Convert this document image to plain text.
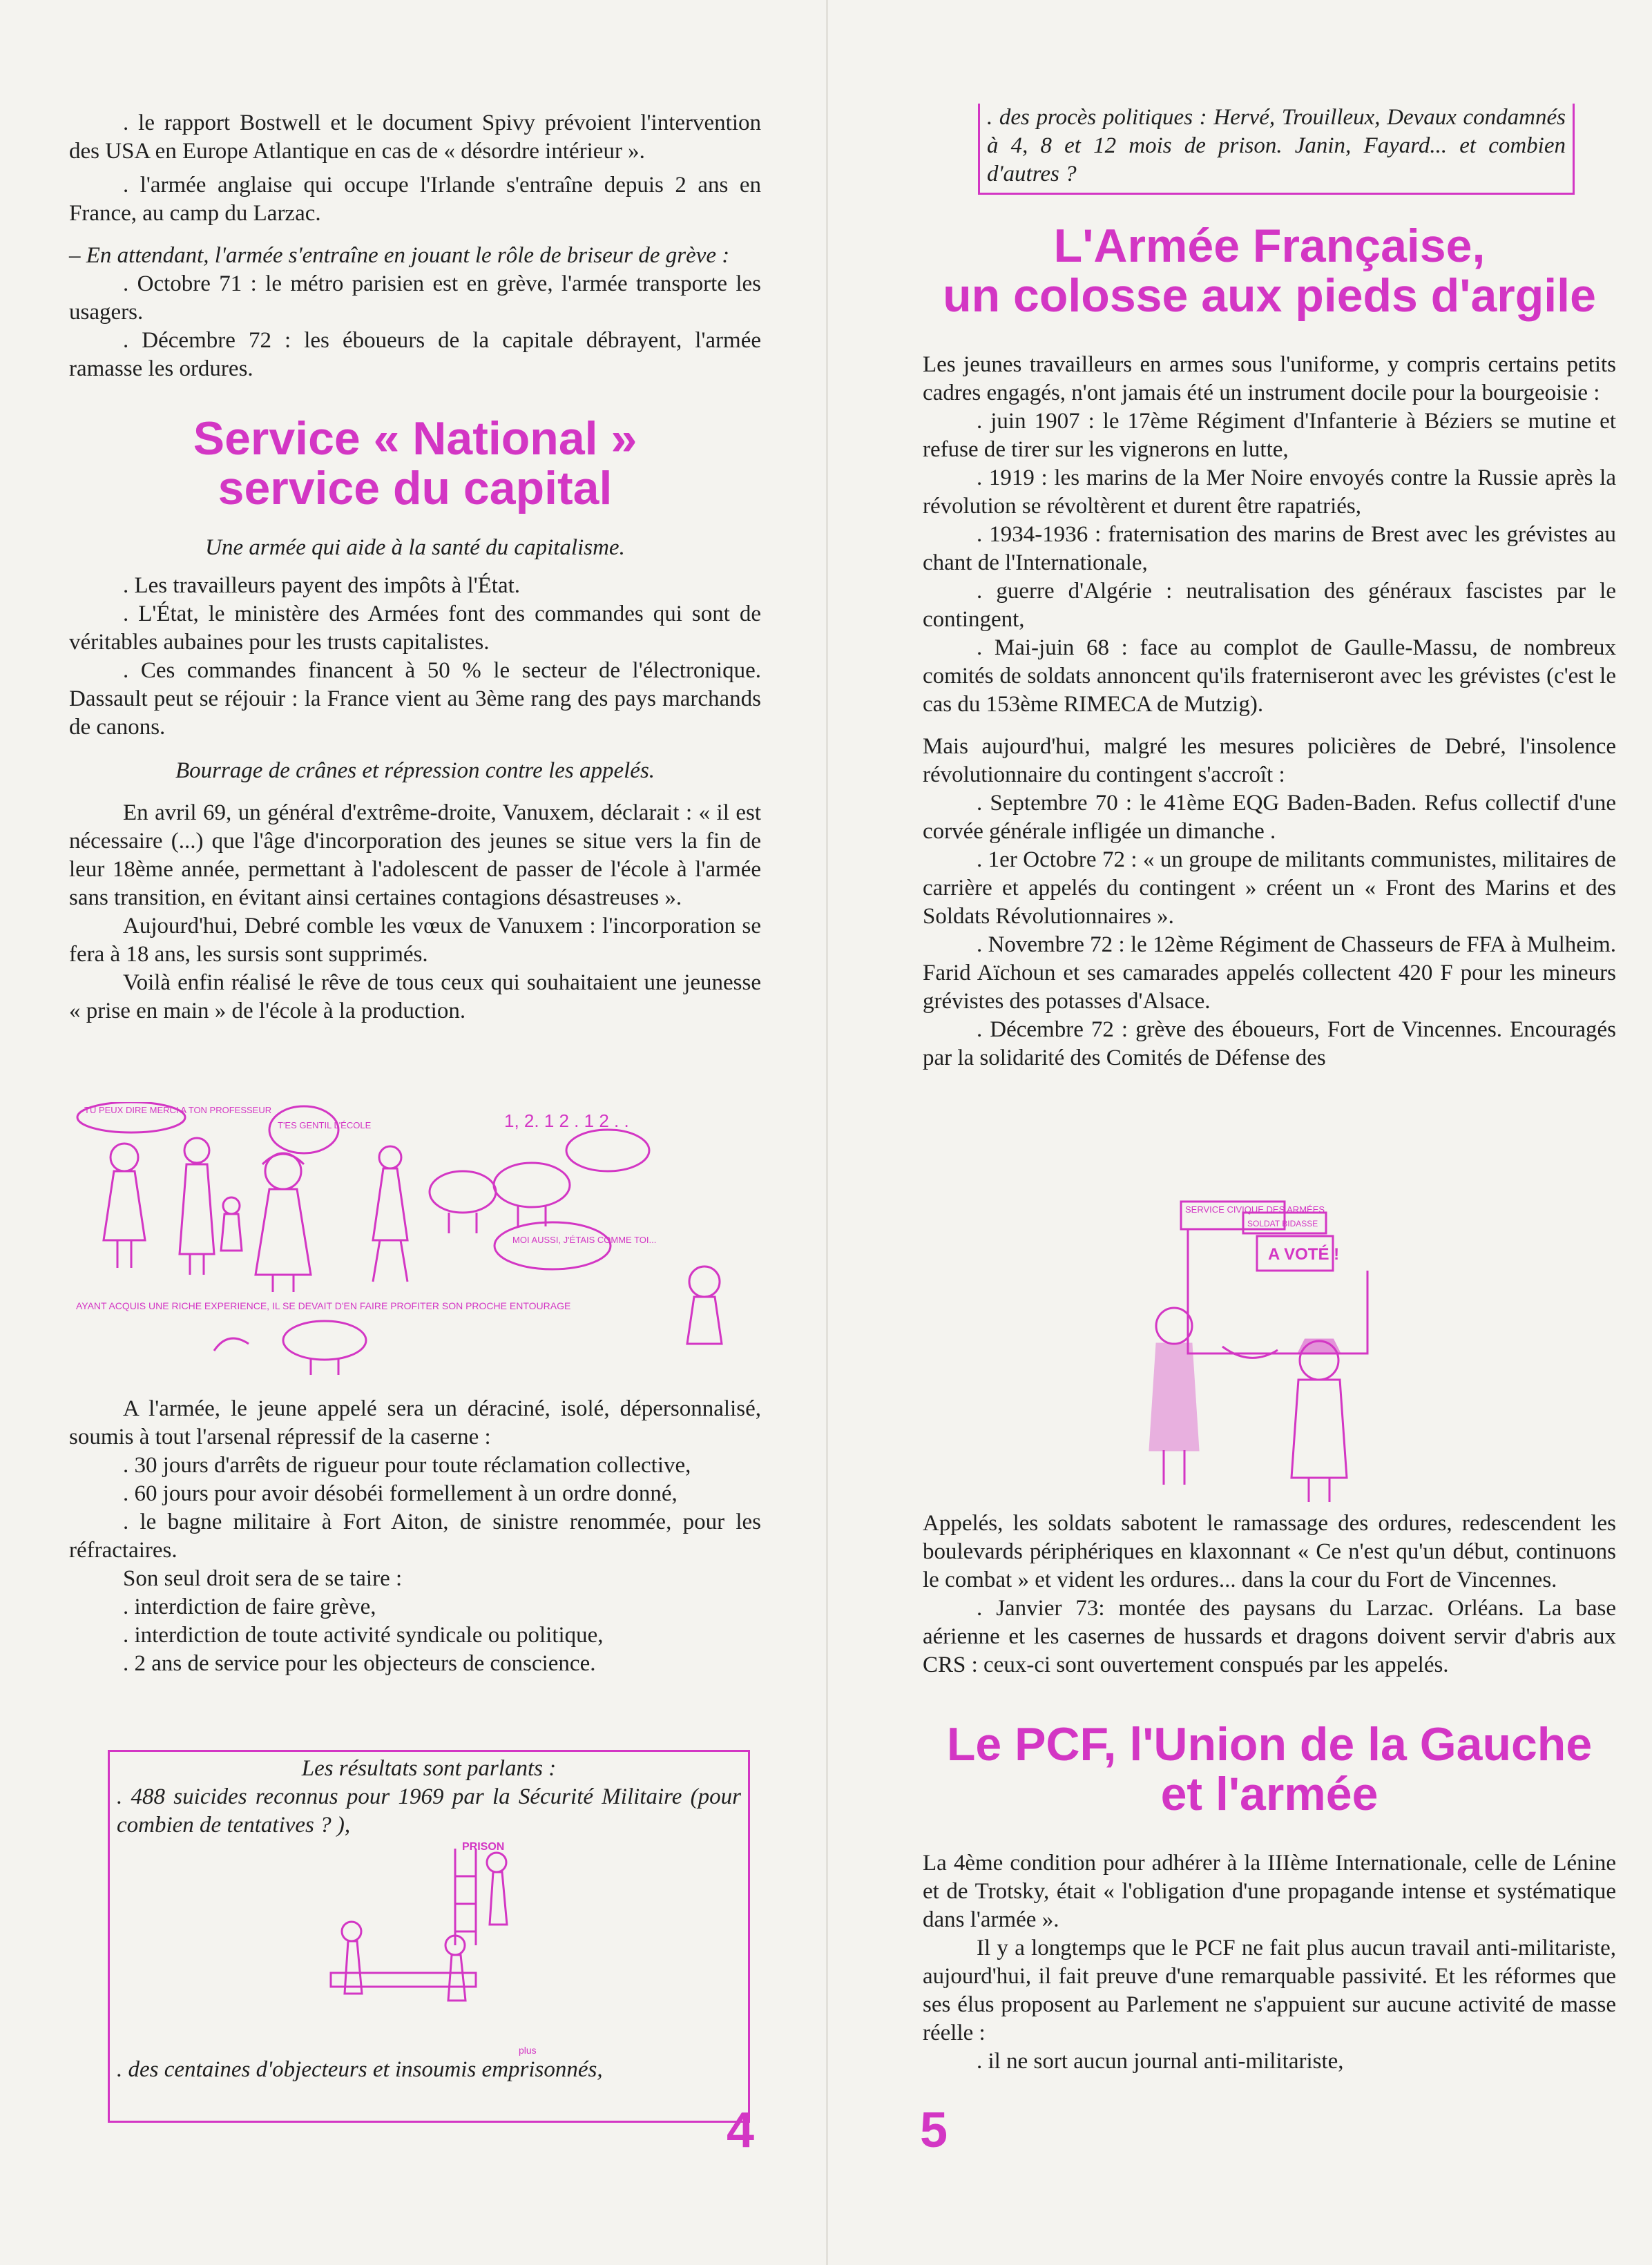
. le rapport Bostwell et le document Spivy prévoient l'intervention des USA en Europe Atlantique en cas de « désordre intérieur ».

. l'armée anglaise qui occupe l'Irlande s'entraîne depuis 2 ans en France, au camp du Larzac.

– En attendant, l'armée s'entraîne en jouant le rôle de briseur de grève :

. Octobre 71 : le métro parisien est en grève, l'armée transporte les usagers.

. Décembre 72 : les éboueurs de la capitale débrayent, l'armée ramasse les ordures.

Service « National »
service du capital

Une armée qui aide à la santé du capitalisme.

. Les travailleurs payent des impôts à l'État.

. L'État, le ministère des Armées font des commandes qui sont de véritables aubaines pour les trusts capitalistes.

. Ces commandes financent à 50 % le secteur de l'électronique. Dassault peut se réjouir : la France vient au 3ème rang des pays marchands de canons.

Bourrage de crânes et répression contre les appelés.

En avril 69, un général d'extrême-droite, Vanuxem, déclarait : « il est nécessaire (...) que l'âge d'incorporation des jeunes se situe vers la fin de leur 18ème année, permettant à l'adolescent de passer de l'école à l'armée sans transition, en évitant ainsi certaines contagions désastreuses ».

Aujourd'hui, Debré comble les vœux de Vanuxem : l'incorporation se fera à 18 ans, les sursis sont supprimés.

Voilà enfin réalisé le rêve de tous ceux qui souhaitaient une jeunesse « prise en main » de l'école à la production.

TU PEUX DIRE MERCI A TON PROFESSEUR
T'ES GENTIL L'ÉCOLE	1, 2. 1 2 . 1 2 . .
MOI AUSSI, J'ÉTAIS COMME TOI...
AYANT ACQUIS UNE RICHE EXPERIENCE, IL SE DEVAIT D'EN FAIRE PROFITER SON PROCHE ENTOURAGE

A l'armée, le jeune appelé sera un déraciné, isolé, dépersonnalisé, soumis à tout l'arsenal répressif de la caserne :

. 30 jours d'arrêts de rigueur pour toute réclamation collective,

. 60 jours pour avoir désobéi formellement à un ordre donné,

. le bagne militaire à Fort Aiton, de sinistre renommée, pour les réfractaires.

Son seul droit sera de se taire :

. interdiction de faire grève,

. interdiction de toute activité syndicale ou politique,

. 2 ans de service pour les objecteurs de conscience.

Les résultats sont parlants :

. 488 suicides reconnus pour 1969 par la Sécurité Militaire (pour combien de tentatives ? ),

PRISON

. des centaines d'objecteurs et insoumis emprisonnés,

plus
4

. des procès politiques : Hervé, Trouilleux, Devaux condamnés à 4, 8 et 12 mois de prison. Janin, Fayard... et combien d'autres ?

L'Armée Française,
un colosse aux pieds d'argile

Les jeunes travailleurs en armes sous l'uniforme, y compris certains petits cadres engagés, n'ont jamais été un instrument docile pour la bourgeoisie :

. juin 1907 : le 17ème Régiment d'Infanterie à Béziers se mutine et refuse de tirer sur les vignerons en lutte,

. 1919 : les marins de la Mer Noire envoyés contre la Russie après la révolution se révoltèrent et durent être rapatriés,

. 1934-1936 : fraternisation des marins de Brest avec les grévistes au chant de l'Internationale,

. guerre d'Algérie : neutralisation des généraux fascistes par le contingent,

. Mai-juin 68 : face au complot de Gaulle-Massu, de nombreux comités de soldats annoncent qu'ils fraterniseront avec les grévistes (c'est le cas du 153ème RIMECA de Mutzig).

Mais aujourd'hui, malgré les mesures policières de Debré, l'insolence révolutionnaire du contingent s'accroît :

. Septembre 70 : le 41ème EQG Baden-Baden. Refus collectif d'une corvée générale infligée un dimanche .

. 1er Octobre 72 : « un groupe de militants communistes, militaires de carrière et appelés du contingent » créent un « Front des Marins et des Soldats Révolutionnaires ».

. Novembre 72 : le 12ème Régiment de Chasseurs de FFA à Mulheim. Farid Aïchoun et ses camarades appelés collectent 420 F pour les mineurs grévistes des potasses d'Alsace.

. Décembre 72 : grève des éboueurs, Fort de Vincennes. Encouragés par la solidarité des Comités de Défense des

SERVICE CIVIQUE DES ARMÉES
SOLDAT BIDASSE
A VOTÉ !

Appelés, les soldats sabotent le ramassage des ordures, redescendent les boulevards périphériques en klaxonnant « Ce n'est qu'un début, continuons le combat » et vident les ordures... dans la cour du Fort de Vincennes.

. Janvier 73: montée des paysans du Larzac. Orléans. La base aérienne et les casernes de hussards et dragons doivent servir d'abris aux CRS : ceux-ci sont ouvertement conspués par les appelés.

Le PCF, l'Union de la Gauche
et l'armée

La 4ème condition pour adhérer à la IIIème Internationale, celle de Lénine et de Trotsky, était « l'obligation d'une propagande intense et systématique dans l'armée ».

Il y a longtemps que le PCF ne fait plus aucun travail anti-militariste, aujourd'hui, il fait preuve d'une remarquable passivité. Et les réformes que ses élus proposent au Parlement ne s'appuient sur aucune activité de masse réelle :

. il ne sort aucun journal anti-militariste,

5
